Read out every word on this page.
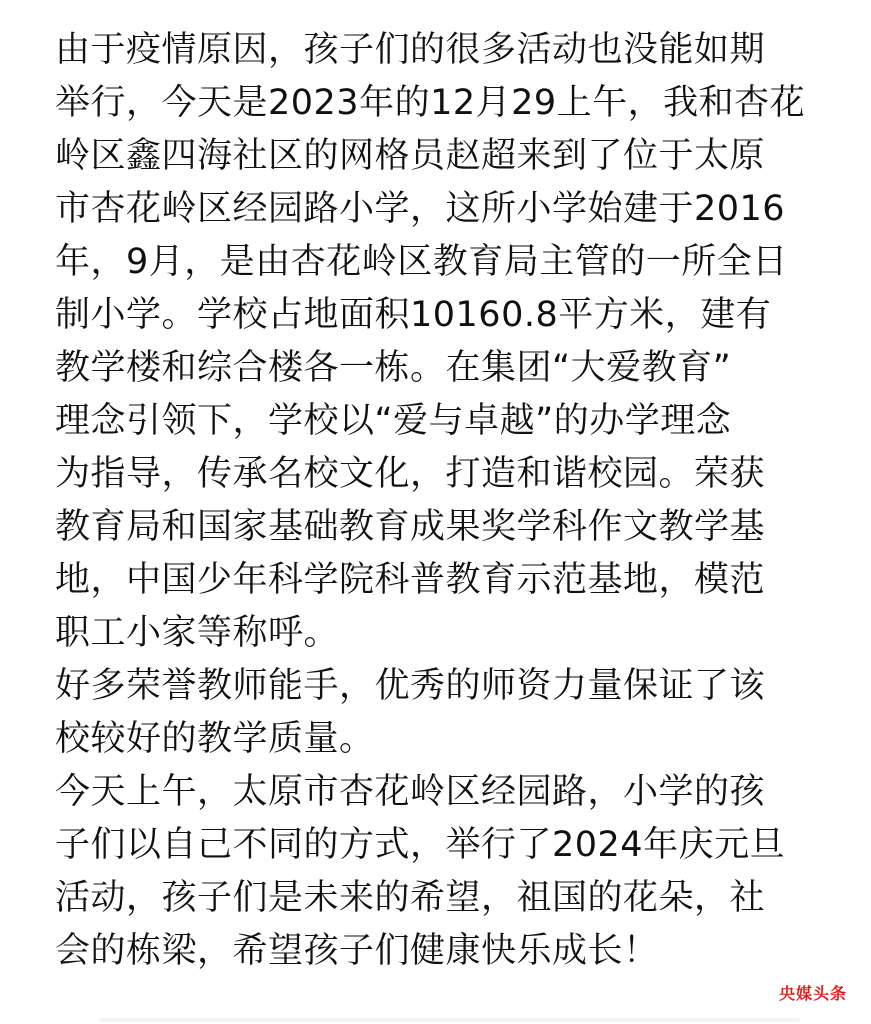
由于疫情原因，孩子们的很多活动也没能如期
举行，今天是2023年的12月29上午，我和杏花
岭区鑫四海社区的网格员赵超来到了位于太原
市杏花岭区经园路小学，这所小学始建于2016
年，9月，是由杏花岭区教育局主管的一所全日
制小学。学校占地面积10160.8平方米，建有
教学楼和综合楼各一栋。在集团“大爱教育”
理念引领下，学校以“爱与卓越”的办学理念
为指导，传承名校文化，打造和谐校园。荣获
教育局和国家基础教育成果奖学科作文教学基
地，中国少年科学院科普教育示范基地，模范
职工小家等称呼。
好多荣誉教师能手，优秀的师资力量保证了该
校较好的教学质量。
今天上午，太原市杏花岭区经园路，小学的孩
子们以自己不同的方式，举行了2024年庆元旦
活动，孩子们是未来的希望，祖国的花朵，社
会的栋梁，希望孩子们健康快乐成长！
央媒头条
